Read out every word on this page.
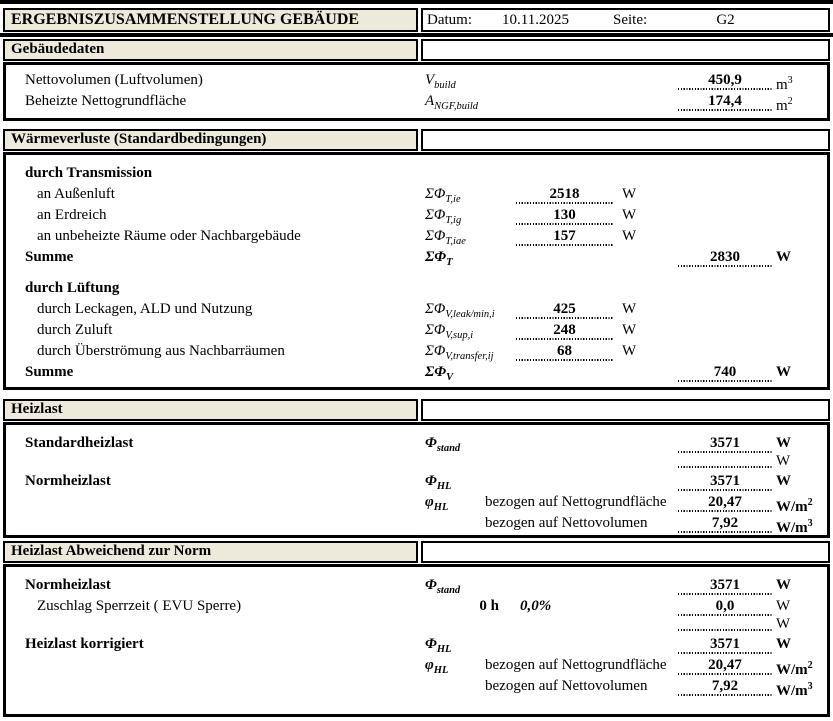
ERGEBNISZUSAMMENSTELLUNG GEBÄUDE	Datum:	10.11.2025	Seite:	G2
Gebäudedaten
Nettovolumen (Luftvolumen)	$V_{build}$	450,9	$m^3$
Beheizte Nettogrundfläche	$A_{NGF,build}$	174,4	$m^2$
Wärmeverluste (Standardbedingungen)
durch Transmission
an Außenluft	$\Sigma\Phi_{T,ie}$	2518	W
an Erdreich	$\Sigma\Phi_{T,ig}$	130	W
an unbeheizte Räume oder Nachbargebäude	$\Sigma\Phi_{T,iae}$	157	W
Summe	$\Sigma\Phi_T$	2830	W
durch Lüftung
durch Leckagen, ALD und Nutzung	$\Sigma\Phi_{V,leak/min,i}$	425	W
durch Zuluft	$\Sigma\Phi_{V,sup,i}$	248	W
durch Überströmung aus Nachbarräumen	$\Sigma\Phi_{V,transfer,ij}$	68	W
Summe	$\Sigma\Phi_V$	740	W
Heizlast
Standardheizlast	$\Phi_{stand}$	3571	W
W
Normheizlast	$\Phi_{HL}$	3571	W
$\varphi_{HL}$ bezogen auf Nettogrundfläche	20,47	$W/m^2$
bezogen auf Nettovolumen	7,92	$W/m^3$
Heizlast Abweichend zur Norm
Normheizlast	$\Phi_{stand}$	3571	W
Zuschlag Sperrzeit ( EVU Sperre)	0 h 0,0%	0,0	W
W
Heizlast korrigiert	$\Phi_{HL}$	3571	W
$\varphi_{HL}$ bezogen auf Nettogrundfläche	20,47	$W/m^2$
bezogen auf Nettovolumen	7,92	$W/m^3$
